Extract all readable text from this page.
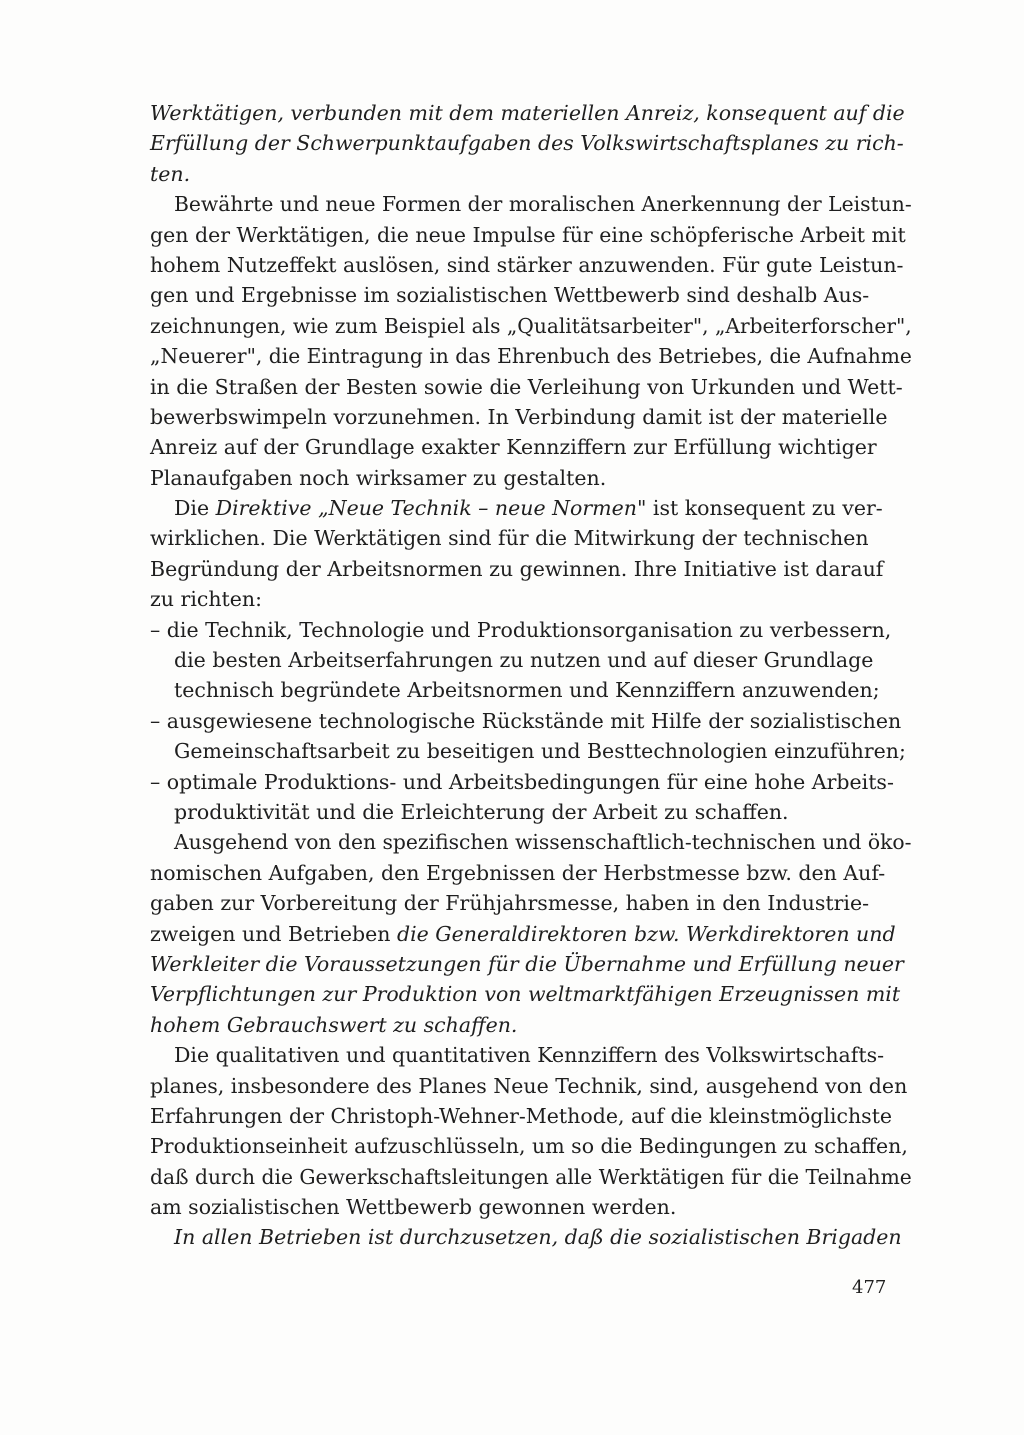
Werktätigen, verbunden mit dem materiellen Anreiz, konsequent auf die
Erfüllung der Schwerpunktaufgaben des Volkswirtschaftsplanes zu rich-
ten.
Bewährte und neue Formen der moralischen Anerkennung der Leistun-
gen der Werktätigen, die neue Impulse für eine schöpferische Arbeit mit
hohem Nutzeffekt auslösen, sind stärker anzuwenden. Für gute Leistun-
gen und Ergebnisse im sozialistischen Wettbewerb sind deshalb Aus-
zeichnungen, wie zum Beispiel als „Qualitätsarbeiter", „Arbeiterforscher",
„Neuerer", die Eintragung in das Ehrenbuch des Betriebes, die Aufnahme
in die Straßen der Besten sowie die Verleihung von Urkunden und Wett-
bewerbswimpeln vorzunehmen. In Verbindung damit ist der materielle
Anreiz auf der Grundlage exakter Kennziffern zur Erfüllung wichtiger
Planaufgaben noch wirksamer zu gestalten.
Die Direktive „Neue Technik – neue Normen" ist konsequent zu ver-
wirklichen. Die Werktätigen sind für die Mitwirkung der technischen
Begründung der Arbeitsnormen zu gewinnen. Ihre Initiative ist darauf
zu richten:
– die Technik, Technologie und Produktionsorganisation zu verbessern,
die besten Arbeitserfahrungen zu nutzen und auf dieser Grundlage
technisch begründete Arbeitsnormen und Kennziffern anzuwenden;
– ausgewiesene technologische Rückstände mit Hilfe der sozialistischen
Gemeinschaftsarbeit zu beseitigen und Besttechnologien einzuführen;
– optimale Produktions- und Arbeitsbedingungen für eine hohe Arbeits-
produktivität und die Erleichterung der Arbeit zu schaffen.
Ausgehend von den spezifischen wissenschaftlich-technischen und öko-
nomischen Aufgaben, den Ergebnissen der Herbstmesse bzw. den Auf-
gaben zur Vorbereitung der Frühjahrsmesse, haben in den Industrie-
zweigen und Betrieben die Generaldirektoren bzw. Werkdirektoren und
Werkleiter die Voraussetzungen für die Übernahme und Erfüllung neuer
Verpflichtungen zur Produktion von weltmarktfähigen Erzeugnissen mit
hohem Gebrauchswert zu schaffen.
Die qualitativen und quantitativen Kennziffern des Volkswirtschafts-
planes, insbesondere des Planes Neue Technik, sind, ausgehend von den
Erfahrungen der Christoph-Wehner-Methode, auf die kleinstmöglichste
Produktionseinheit aufzuschlüsseln, um so die Bedingungen zu schaffen,
daß durch die Gewerkschaftsleitungen alle Werktätigen für die Teilnahme
am sozialistischen Wettbewerb gewonnen werden.
In allen Betrieben ist durchzusetzen, daß die sozialistischen Brigaden
477
